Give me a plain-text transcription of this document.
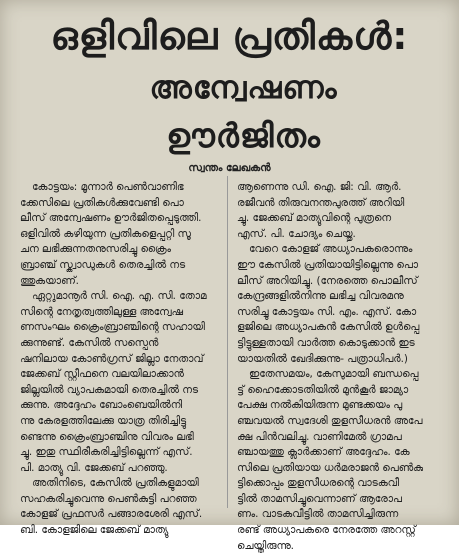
ഒളിവിലെ പ്രതികൾ:
അന്വേഷണം
ഊർജിതം
സ്വന്തം ലേഖകൻ
കോട്ടയം: മൂന്നാർ പെൺവാണിഭ
ക്കേസിലെ പ്രതികൾക്കുവേണ്ടി പൊ
ലീസ് അന്വേഷണം ഊർജിതപ്പെടുത്തി.
ഒളിവിൽ കഴിയുന്ന പ്രതികളെപ്പറ്റി സൂ
ചന ലഭിക്കുന്നതനുസരിച്ചു ക്രൈം
ബ്രാഞ്ച് സ്ക്വാഡുകൾ തെരച്ചിൽ നട
ത്തുകയാണ്.
ഏറ്റുമാനൂർ സി. ഐ. എ. സി. തോമ
സിന്റെ നേതൃത്വത്തിലുള്ള അന്വേഷ
ണസംഘം ക്രൈംബ്രാഞ്ചിന്റെ സഹായി
ക്കുന്നുണ്ട്. കേസിൽ സസ്പെൻ
ഷനിലായ കോൺഗ്രസ് ജില്ലാ നേതാവ്
ജേക്കബ് സ്റ്റീഫനെ വലയിലാക്കാൻ
ജില്ലയിൽ വ്യാപകമായി തെരച്ചിൽ നട
ക്കുന്നു. അദ്ദേഹം ബോംബെയിൽനി
ന്നു കേരളത്തിലേക്കു യാത്ര തിരിച്ചിട്ടു
ണ്ടെന്നു ക്രൈംബ്രാഞ്ചിനു വിവരം ലഭി
ച്ചു. ഇതു സ്ഥിരീകരിച്ചിട്ടില്ലെന്ന് എസ്.
പി. മാത്യു വി. ജേക്കബ് പറഞ്ഞു.
അതിനിടെ, കേസിൽ പ്രതികളുമായി
സഹകരിച്ചുവെന്നു പെൺകുട്ടി പറഞ്ഞ
കോളജ് പ്രഫസർ പങ്ങാരശേരി എസ്.
ബി. കോളജിലെ ജേക്കബ് മാത്യു
ആണെന്നു ഡി. ഐ. ജി: വി. ആർ.
രജീവൻ തിരുവനന്തപുരത്ത് അറിയി
ച്ചു. ജേക്കബ് മാത്യുവിന്റെ പുത്രനെ
എസ്. പി. ചോദ്യം ചെയ്തു.
വേറെ കോളജ് അധ്യാപകരൊന്നും
ഈ കേസിൽ പ്രതിയായിട്ടില്ലെന്നു പൊ
ലീസ് അറിയിച്ചു. (നേരത്തെ പൊലീസ്
കേന്ദ്രങ്ങളിൽനിന്നു ലഭിച്ച വിവരമനു
സരിച്ചു കോട്ടയം സി. എം. എസ്. കോ
ളജിലെ അധ്യാപകൻ കേസിൽ ഉൾപ്പെ
ട്ടിട്ടുള്ളതായി വാർത്ത കൊടുക്കാൻ ഇട
യായതിൽ ഖേദിക്കുന്നു- പത്രാധിപർ.)
ഇതേസമയം, കേസുമായി ബന്ധപ്പെ
ട്ട് ഹൈക്കോടതിയിൽ മുൻകൂർ ജാമ്യാ
പേക്ഷ നൽകിയിരുന്ന മുണ്ടക്കയം പു
ഞ്ചവയൽ സ്വദേശി തുളസീധരൻ അപേ
ക്ഷ പിൻവലിച്ചു. വാണിമേൽ ഗ്രാമപ
ഞ്ചായത്തു ക്ലാർക്കാണ് അദ്ദേഹം. കേ
സിലെ പ്രതിയായ ധർമരാജൻ പെൺകു
ട്ടിക്കൊപ്പം തുളസീധരന്റെ വാടകവീ
ട്ടിൽ താമസിച്ചുവെന്നാണ് ആരോപ
ണം. വാടകവീട്ടിൽ താമസിച്ചിരുന്ന
രണ്ട് അധ്യാപകരെ നേരത്തേ അറസ്റ്റ്
ചെയ്തിരുന്നു.
